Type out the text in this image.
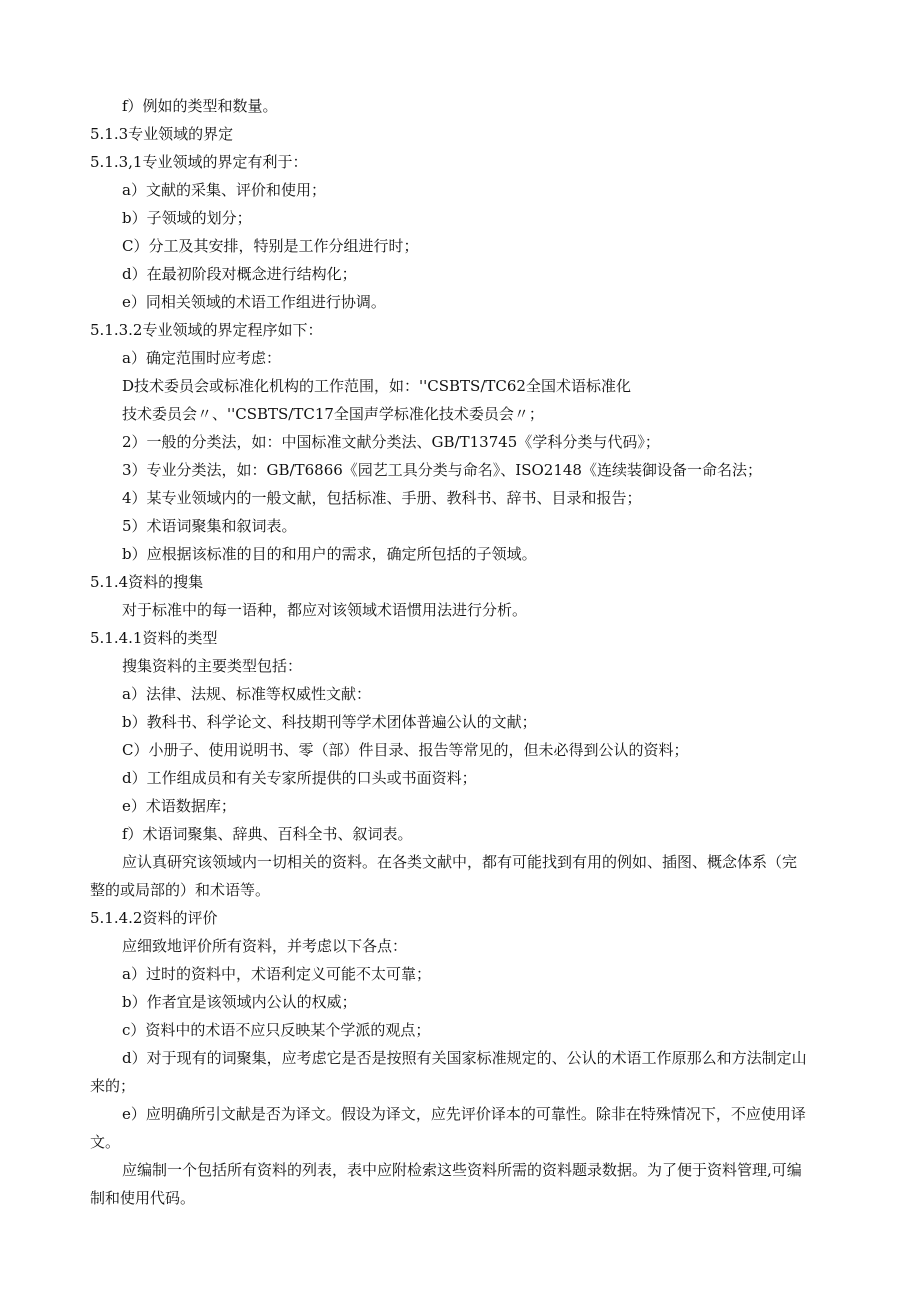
f）例如的类型和数量。
5.1.3专业领域的界定
5.1.3,1专业领域的界定有利于：
a）文献的采集、评价和使用；
b）子领域的划分；
C）分工及其安排，特别是工作分组进行时；
d）在最初阶段对概念进行结构化；
e）同相关领域的术语工作组进行协调。
5.1.3.2专业领域的界定程序如下：
a）确定范围时应考虑：
D技术委员会或标准化机构的工作范围，如：''CSBTS/TC62全国术语标准化
技术委员会〃、''CSBTS/TC17全国声学标准化技术委员会〃；
2）一般的分类法，如：中国标准文献分类法、GB/T13745《学科分类与代码》；
3）专业分类法，如：GB/T6866《园艺工具分类与命名》、ISO2148《连续装御设备一命名法；
4）某专业领域内的一般文献，包括标准、手册、教科书、辞书、目录和报告；
5）术语词聚集和叙词表。
b）应根据该标准的目的和用户的需求，确定所包括的子领域。
5.1.4资料的搜集
对于标准中的每一语种，都应对该领域术语惯用法进行分析。
5.1.4.1资料的类型
搜集资料的主要类型包括：
a）法律、法规、标准等权威性文献：
b）教科书、科学论文、科技期刊等学术团体普遍公认的文献；
C）小册子、使用说明书、零（部）件目录、报告等常见的，但未必得到公认的资料；
d）工作组成员和有关专家所提供的口头或书面资料；
e）术语数据库；
f）术语词聚集、辞典、百科全书、叙词表。
应认真研究该领域内一切相关的资料。在各类文献中，都有可能找到有用的例如、插图、概念体系（完
整的或局部的）和术语等。
5.1.4.2资料的评价
应细致地评价所有资料，并考虑以下各点：
a）过时的资料中，术语利定义可能不太可靠；
b）作者宜是该领域内公认的权威；
c）资料中的术语不应只反映某个学派的观点；
d）对于现有的词聚集，应考虑它是否是按照有关国家标准规定的、公认的术语工作原那么和方法制定山
来的；
e）应明确所引文献是否为译文。假设为译文，应先评价译本的可靠性。除非在特殊情况下，不应使用译
文。
应编制一个包括所有资料的列表，表中应附检索这些资料所需的资料题录数据。为了便于资料管理,可编
制和使用代码。
